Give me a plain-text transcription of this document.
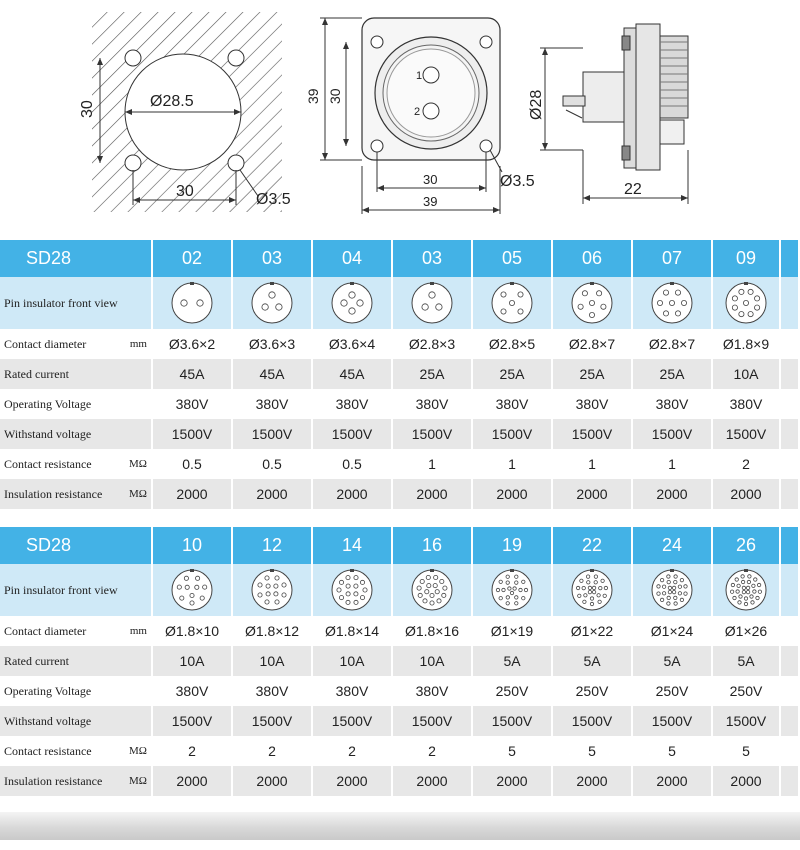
Ø28.5
30
30	Ø3.5
1
2
39 30
30
39
Ø3.5
Ø28
22
SD28	02	03	04	03	05	06	07	09	
Pin insulator front view	

Contact diameter mm	Ø3.6×2	Ø3.6×3	Ø3.6×4	Ø2.8×3	Ø2.8×5	Ø2.8×7	Ø2.8×7	Ø1.8×9	

Rated current	45A	45A	45A	25A	25A	25A	25A	10A	

Operating Voltage	380V	380V	380V	380V	380V	380V	380V	380V	

Withstand voltage	1500V	1500V	1500V	1500V	1500V	1500V	1500V	1500V	

Contact resistance MΩ	0.5	0.5	0.5	1	1	1	1	2	

Insulation resistance MΩ	2000	2000	2000	2000	2000	2000	2000	2000	
SD28	10	12	14	16	19	22	24	26	
Pin insulator front view	

Contact diameter mm	Ø1.8×10	Ø1.8×12	Ø1.8×14	Ø1.8×16	Ø1×19	Ø1×22	Ø1×24	Ø1×26	

Rated current	10A	10A	10A	10A	5A	5A	5A	5A	

Operating Voltage	380V	380V	380V	380V	250V	250V	250V	250V	

Withstand voltage	1500V	1500V	1500V	1500V	1500V	1500V	1500V	1500V	

Contact resistance MΩ	2	2	2	2	5	5	5	5	

Insulation resistance MΩ	2000	2000	2000	2000	2000	2000	2000	2000	
